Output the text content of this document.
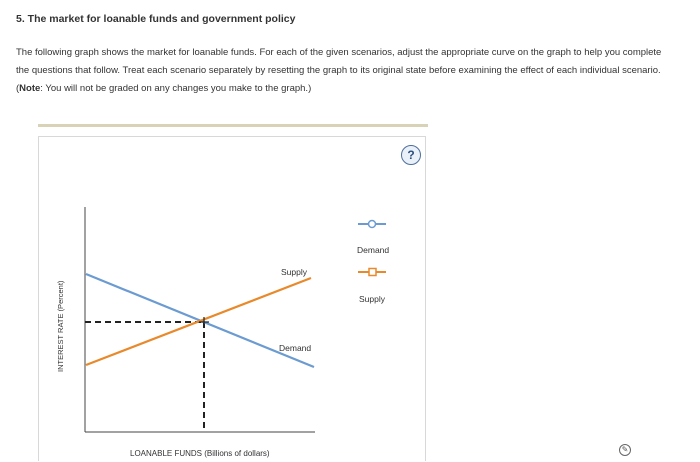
5. The market for loanable funds and government policy
The following graph shows the market for loanable funds. For each of the given scenarios, adjust the appropriate curve on the graph to help you complete the questions that follow. Treat each scenario separately by resetting the graph to its original state before examining the effect of each individual scenario. (Note: You will not be graded on any changes you make to the graph.)
Supply
Demand
INTEREST RATE (Percent)
LOANABLE FUNDS (Billions of dollars)
Demand
Supply
?
✎
